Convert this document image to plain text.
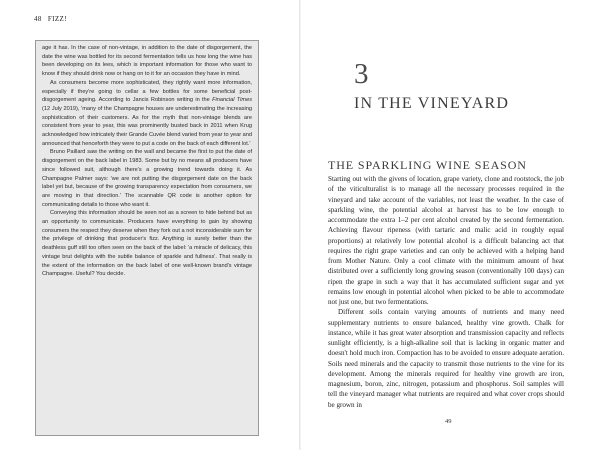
48 FIZZ!

age it has. In the case of non-vintage, in addition to the date of disgorgement, the date the wine was bottled for its second fermentation tells us how long the wine has been developing on its lees, which is important information for those who want to know if they should drink now or hang on to it for an occasion they have in mind.

As consumers become more sophisticated, they rightly want more information, especially if they're going to cellar a few bottles for some beneficial post-disgorgement ageing. According to Jancis Robinson writing in the Financial Times (12 July 2019), 'many of the Champagne houses are underestimating the increasing sophistication of their customers. As for the myth that non-vintage blends are consistent from year to year, this was prominently busted back in 2011 when Krug acknowledged how intricately their Grande Cuvée blend varied from year to year and announced that henceforth they were to put a code on the back of each different lot.'

Bruno Paillard saw the writing on the wall and became the first to put the date of disgorgement on the back label in 1983. Some but by no means all producers have since followed suit, although there's a growing trend towards doing it. As Champagne Palmer says: 'we are not putting the disgorgement date on the back label yet but, because of the growing transparency expectation from consumers, we are moving in that direction.' The scannable QR code is another option for communicating details to those who want it.

Conveying this information should be seen not as a screen to hide behind but as an opportunity to communicate. Producers have everything to gain by showing consumers the respect they deserve when they fork out a not inconsiderable sum for the privilege of drinking that producer's fizz. Anything is surely better than the deathless guff still too often seen on the back of the label: 'a miracle of delicacy, this vintage brut delights with the subtle balance of sparkle and fullness'. That really is the extent of the information on the back label of one well-known brand's vintage Champagne. Useful? You decide.

3
IN THE VINEYARD
THE SPARKLING WINE SEASON

Starting out with the givens of location, grape variety, clone and rootstock, the job of the viticulturalist is to manage all the necessary processes required in the vineyard and take account of the variables, not least the weather. In the case of sparkling wine, the potential alcohol at harvest has to be low enough to accommodate the extra 1–2 per cent alcohol created by the second fermentation. Achieving flavour ripeness (with tartaric and malic acid in roughly equal proportions) at relatively low potential alcohol is a difficult balancing act that requires the right grape varieties and can only be achieved with a helping hand from Mother Nature. Only a cool climate with the minimum amount of heat distributed over a sufficiently long growing season (conventionally 100 days) can ripen the grape in such a way that it has accumulated sufficient sugar and yet remains low enough in potential alcohol when picked to be able to accommodate not just one, but two fermentations.

Different soils contain varying amounts of nutrients and many need supplementary nutrients to ensure balanced, healthy vine growth. Chalk for instance, while it has great water absorption and transmission capacity and reflects sunlight efficiently, is a high-alkaline soil that is lacking in organic matter and doesn't hold much iron. Compaction has to be avoided to ensure adequate aeration. Soils need minerals and the capacity to transmit those nutrients to the vine for its development. Among the minerals required for healthy vine growth are iron, magnesium, boron, zinc, nitrogen, potassium and phosphorus. Soil samples will tell the vineyard manager what nutrients are required and what cover crops should be grown in

49
